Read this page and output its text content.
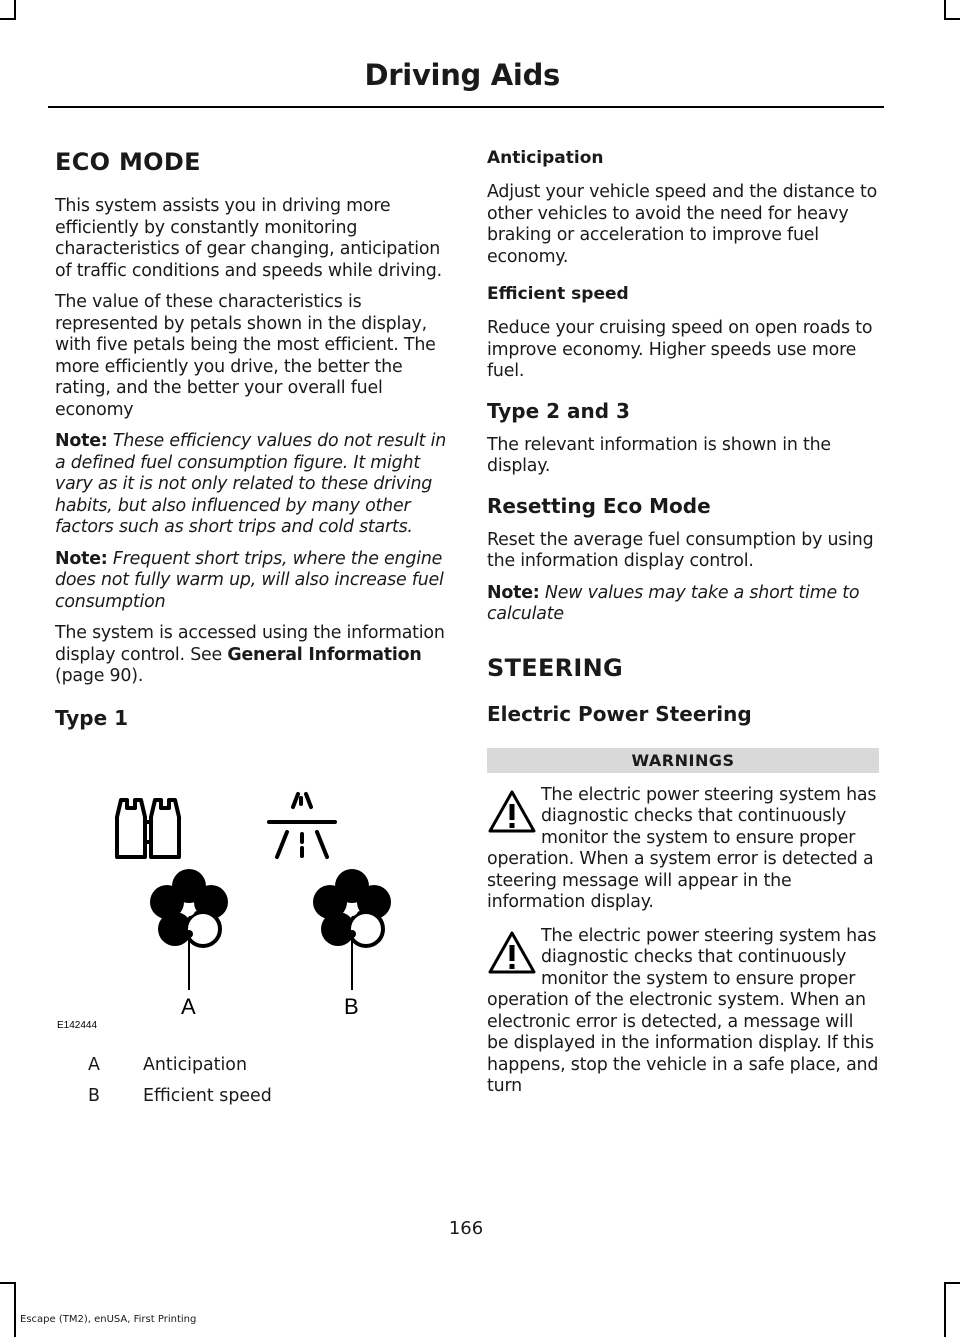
Driving Aids
ECO MODE

This system assists you in driving more efficiently by constantly monitoring characteristics of gear changing, anticipation of traffic conditions and speeds while driving.

The value of these characteristics is represented by petals shown in the display, with five petals being the most efficient. The more efficiently you drive, the better the rating, and the better your overall fuel economy

Note: These efficiency values do not result in a defined fuel consumption figure. It might vary as it is not only related to these driving habits, but also influenced by many other factors such as short trips and cold starts.

Note: Frequent short trips, where the engine does not fully warm up, will also increase fuel consumption

The system is accessed using the information display control. See General Information (page 90).

Type 1
A	B
E142444
A	Anticipation
B	Efficient speed
Anticipation

Adjust your vehicle speed and the distance to other vehicles to avoid the need for heavy braking or acceleration to improve fuel economy.

Efficient speed

Reduce your cruising speed on open roads to improve economy. Higher speeds use more fuel.

Type 2 and 3

The relevant information is shown in the display.

Resetting Eco Mode

Reset the average fuel consumption by using the information display control.

Note: New values may take a short time to calculate

STEERING
Electric Power Steering
WARNINGS

The electric power steering system has diagnostic checks that continuously monitor the system to ensure proper operation. When a system error is detected a steering message will appear in the information display.

The electric power steering system has diagnostic checks that continuously monitor the system to ensure proper operation of the electronic system. When an electronic error is detected, a message will be displayed in the information display. If this happens, stop the vehicle in a safe place, and turn

166
Escape (TM2), enUSA, First Printing
